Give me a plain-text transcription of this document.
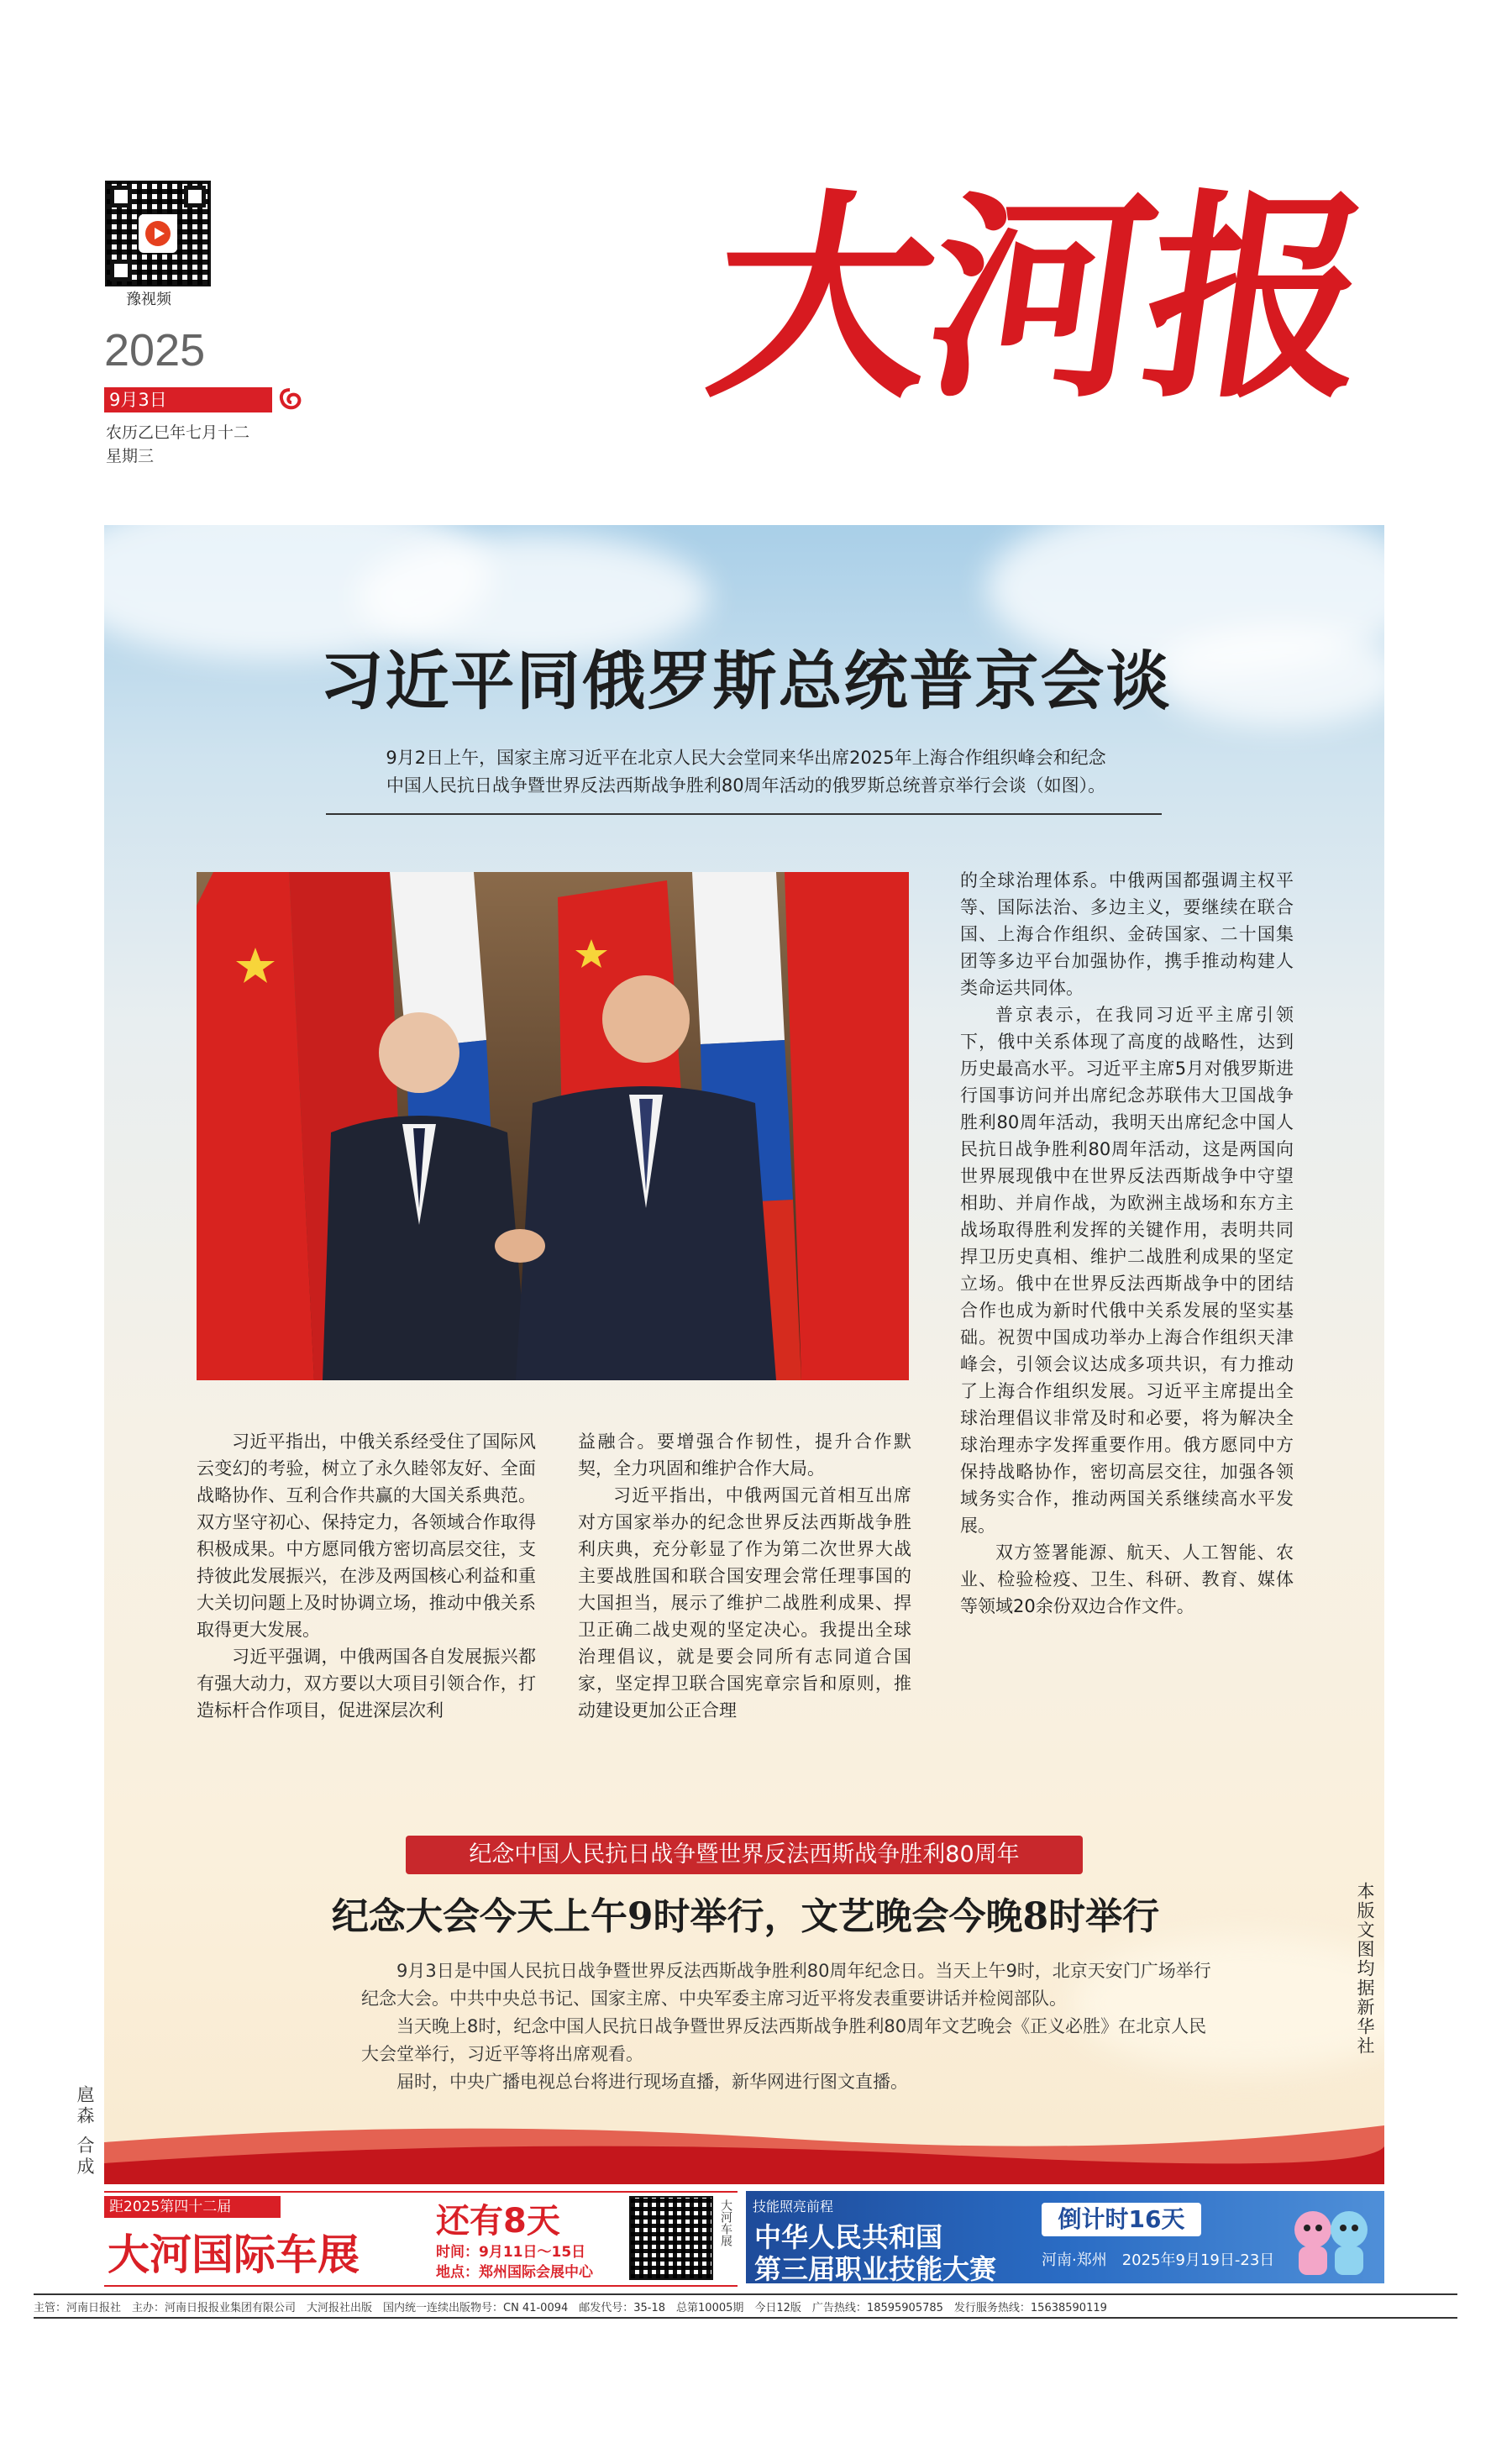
豫视频
2025
9月3日
农历乙巳年七月十二
星期三
大河报
习近平同俄罗斯总统普京会谈
9月2日上午，国家主席习近平在北京人民大会堂同来华出席2025年上海合作组织峰会和纪念
中国人民抗日战争暨世界反法西斯战争胜利80周年活动的俄罗斯总统普京举行会谈（如图）。

的全球治理体系。中俄两国都强调主权平等、国际法治、多边主义，要继续在联合国、上海合作组织、金砖国家、二十国集团等多边平台加强协作，携手推动构建人类命运共同体。

普京表示，在我同习近平主席引领下，俄中关系体现了高度的战略性，达到历史最高水平。习近平主席5月对俄罗斯进行国事访问并出席纪念苏联伟大卫国战争胜利80周年活动，我明天出席纪念中国人民抗日战争胜利80周年活动，这是两国向世界展现俄中在世界反法西斯战争中守望相助、并肩作战，为欧洲主战场和东方主战场取得胜利发挥的关键作用，表明共同捍卫历史真相、维护二战胜利成果的坚定立场。俄中在世界反法西斯战争中的团结合作也成为新时代俄中关系发展的坚实基础。祝贺中国成功举办上海合作组织天津峰会，引领会议达成多项共识，有力推动了上海合作组织发展。习近平主席提出全球治理倡议非常及时和必要，将为解决全球治理赤字发挥重要作用。俄方愿同中方保持战略协作，密切高层交往，加强各领域务实合作，推动两国关系继续高水平发展。

双方签署能源、航天、人工智能、农业、检验检疫、卫生、科研、教育、媒体等领域20余份双边合作文件。

习近平指出，中俄关系经受住了国际风云变幻的考验，树立了永久睦邻友好、全面战略协作、互利合作共赢的大国关系典范。双方坚守初心、保持定力，各领域合作取得积极成果。中方愿同俄方密切高层交往，支持彼此发展振兴，在涉及两国核心利益和重大关切问题上及时协调立场，推动中俄关系取得更大发展。

习近平强调，中俄两国各自发展振兴都有强大动力，双方要以大项目引领合作，打造标杆合作项目，促进深层次利

益融合。要增强合作韧性，提升合作默契，全力巩固和维护合作大局。

习近平指出，中俄两国元首相互出席对方国家举办的纪念世界反法西斯战争胜利庆典，充分彰显了作为第二次世界大战主要战胜国和联合国安理会常任理事国的大国担当，展示了维护二战胜利成果、捍卫正确二战史观的坚定决心。我提出全球治理倡议，就是要会同所有志同道合国家，坚定捍卫联合国宪章宗旨和原则，推动建设更加公正合理

纪念中国人民抗日战争暨世界反法西斯战争胜利80周年
纪念大会今天上午9时举行，文艺晚会今晚8时举行

9月3日是中国人民抗日战争暨世界反法西斯战争胜利80周年纪念日。当天上午9时，北京天安门广场举行纪念大会。中共中央总书记、国家主席、中央军委主席习近平将发表重要讲话并检阅部队。

当天晚上8时，纪念中国人民抗日战争暨世界反法西斯战争胜利80周年文艺晚会《正义必胜》在北京人民大会堂举行，习近平等将出席观看。

届时，中央广播电视总台将进行现场直播，新华网进行图文直播。

本版文图均据新华社
扈森 合成
距2025第四十二届
大河国际车展
还有8天
时间：9月11日～15日
地点：郑州国际会展中心
大河车展 技能照亮前程
中华人民共和国
第三届职业技能大赛
倒计时16天
河南·郑州　2025年9月19日-23日
主管：河南日报社　主办：河南日报报业集团有限公司　大河报社出版　国内统一连续出版物号：CN 41-0094　邮发代号：35-18　总第10005期　今日12版　广告热线：18595905785　发行服务热线：15638590119　
